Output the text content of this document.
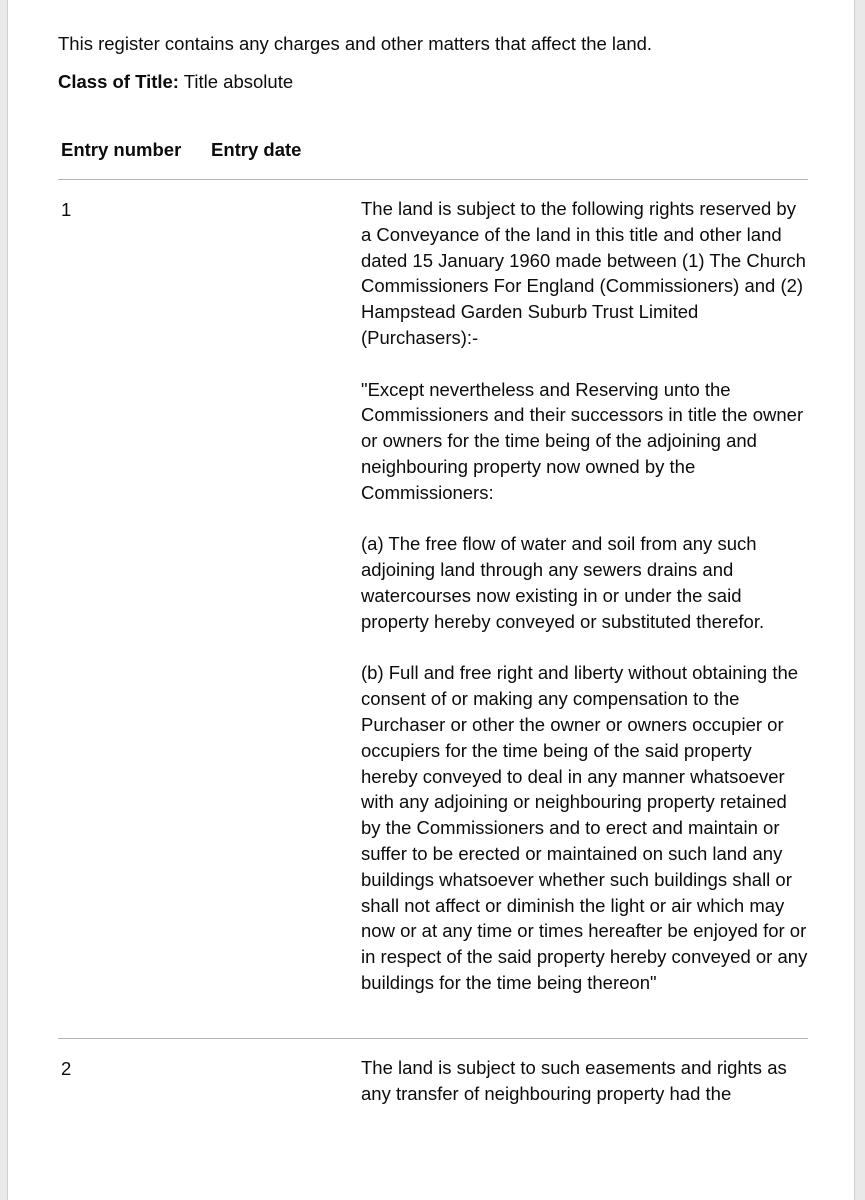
This register contains any charges and other matters that affect the land.

Class of Title: Title absolute

Entry number Entry date
1	The land is subject to the following rights reserved by a Conveyance of the land in this title and other land dated 15 January 1960 made between (1) The Church Commissioners For England (Commissioners) and (2) Hampstead Garden Suburb Trust Limited (Purchasers):-

"Except nevertheless and Reserving unto the Commissioners and their successors in title the owner or owners for the time being of the adjoining and neighbouring property now owned by the Commissioners:

(a) The free flow of water and soil from any such adjoining land through any sewers drains and watercourses now existing in or under the said property hereby conveyed or substituted therefor.

(b) Full and free right and liberty without obtaining the consent of or making any compensation to the Purchaser or other the owner or owners occupier or occupiers for the time being of the said property hereby conveyed to deal in any manner whatsoever with any adjoining or neighbouring property retained by the Commissioners and to erect and maintain or suffer to be erected or maintained on such land any buildings whatsoever whether such buildings shall or shall not affect or diminish the light or air which may now or at any time or times hereafter be enjoyed for or in respect of the said property hereby conveyed or any buildings for the time being thereon"

2	The land is subject to such easements and rights as any transfer of neighbouring property had the
